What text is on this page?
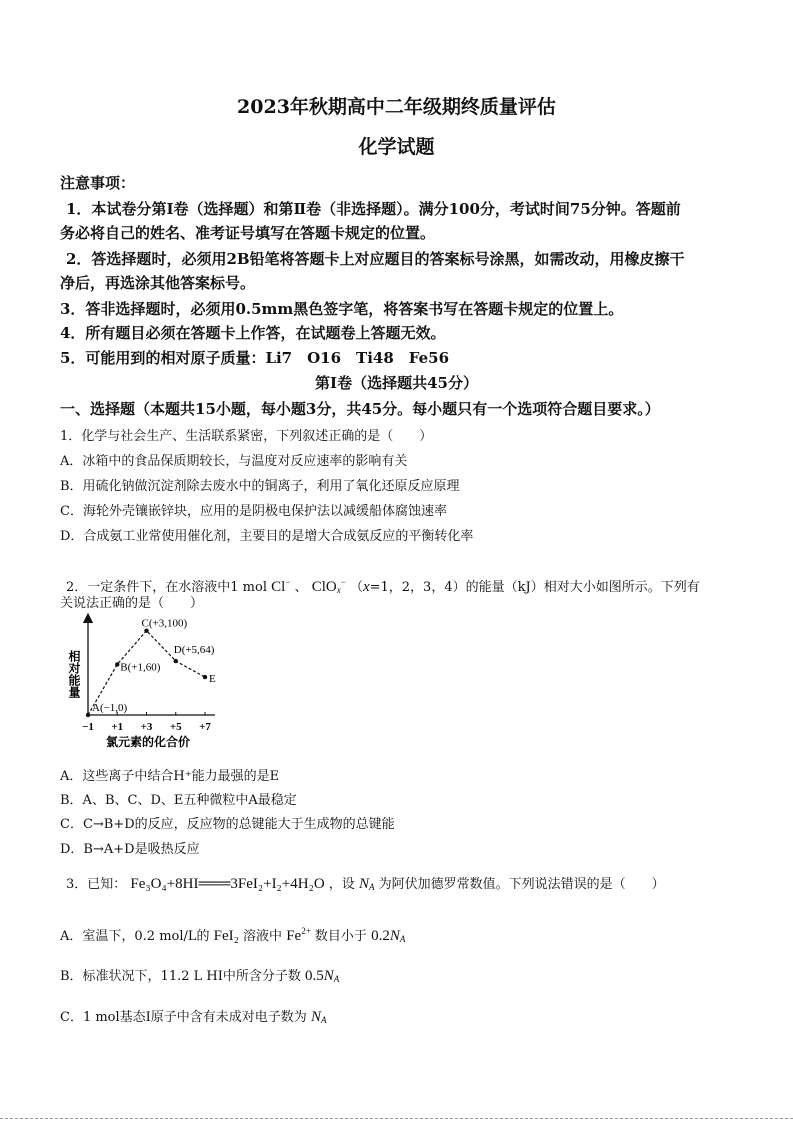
2023年秋期高中二年级期终质量评估
化学试题
注意事项：
1．本试卷分第Ⅰ卷（选择题）和第Ⅱ卷（非选择题）。满分100分，考试时间75分钟。答题前
务必将自己的姓名、准考证号填写在答题卡规定的位置。
2．答选择题时，必须用2B铅笔将答题卡上对应题目的答案标号涂黑，如需改动，用橡皮擦干
净后，再选涂其他答案标号。
3．答非选择题时，必须用0.5mm黑色签字笔，将答案书写在答题卡规定的位置上。
4．所有题目必须在答题卡上作答，在试题卷上答题无效。
5．可能用到的相对原子质量：Li7　O16　Ti48　Fe56
第Ⅰ卷（选择题共45分）
一、选择题（本题共15小题，每小题3分，共45分。每小题只有一个选项符合题目要求。）
1．化学与社会生产、生活联系紧密，下列叙述正确的是（　　）
A．冰箱中的食品保质期较长，与温度对反应速率的影响有关
B．用硫化钠做沉淀剂除去废水中的铜离子，利用了氧化还原反应原理
C．海轮外壳镶嵌锌块，应用的是阴极电保护法以减缓船体腐蚀速率
D．合成氨工业常使用催化剂，主要目的是增大合成氨反应的平衡转化率
2．一定条件下，在水溶液中1 mol Cl− 、 ClO$_x$− （x=1，2，3，4）的能量（kJ）相对大小如图所示。下列有
关说法正确的是（　　）
相对能量
−1 +1 +3 +5 +7
氯元素的化合价
A(−1,0)
B(+1,60)
C(+3,100)
D(+5,64)
E
A．这些离子中结合H⁺能力最强的是E
B．A、B、C、D、E五种微粒中A最稳定
C．C→B+D的反应，反应物的总键能大于生成物的总键能
D．B→A+D是吸热反应
3．已知： Fe₃O₄+8HI═══3FeI₂+I₂+4H₂O ，设 $N_A$ 为阿伏加德罗常数值。下列说法错误的是（　　）
A．室温下，0.2 mol/L的 FeI₂ 溶液中 $Fe^{2+}$ 数目小于 $0.2N_A$
B．标准状况下，11.2 L HI中所含分子数 $0.5N_A$
C．1 mol基态Ⅰ原子中含有未成对电子数为 $N_A$
